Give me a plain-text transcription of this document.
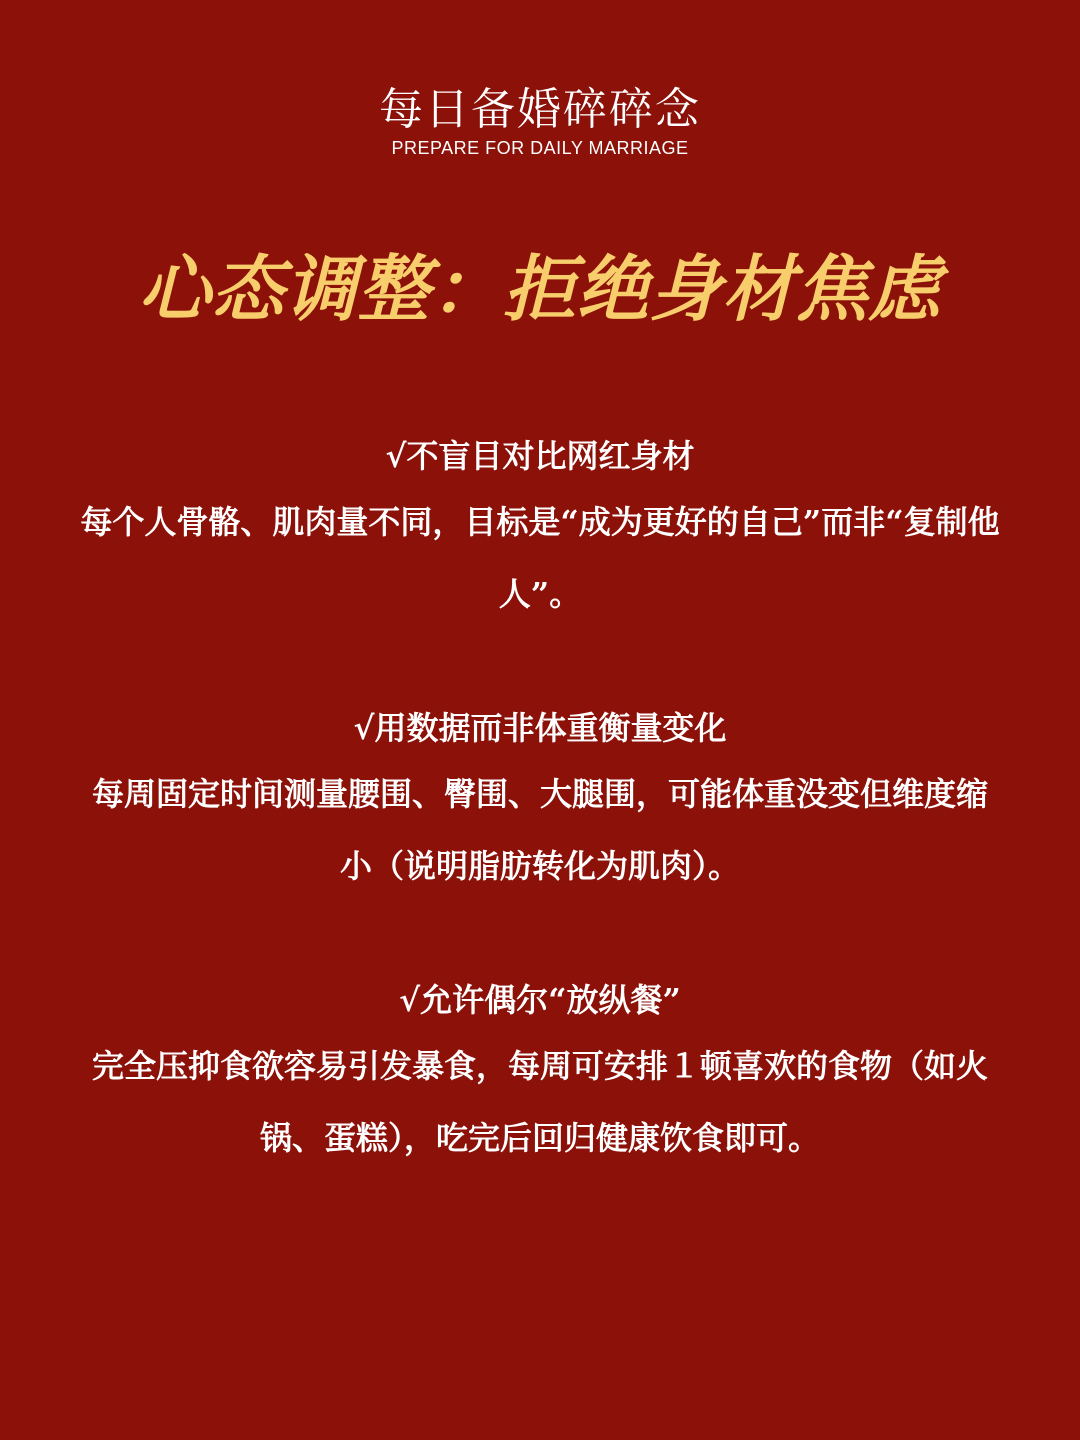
每日备婚碎碎念
PREPARE FOR DAILY MARRIAGE
心态调整：拒绝身材焦虑
√不盲目对比网红身材
每个人骨骼、肌肉量不同，目标是“成为更好的自己”而非“复制他人”。
√用数据而非体重衡量变化
每周固定时间测量腰围、臀围、大腿围，可能体重没变但维度缩小（说明脂肪转化为肌肉）。
√允许偶尔“放纵餐”
完全压抑食欲容易引发暴食，每周可安排１顿喜欢的食物（如火锅、蛋糕），吃完后回归健康饮食即可。
